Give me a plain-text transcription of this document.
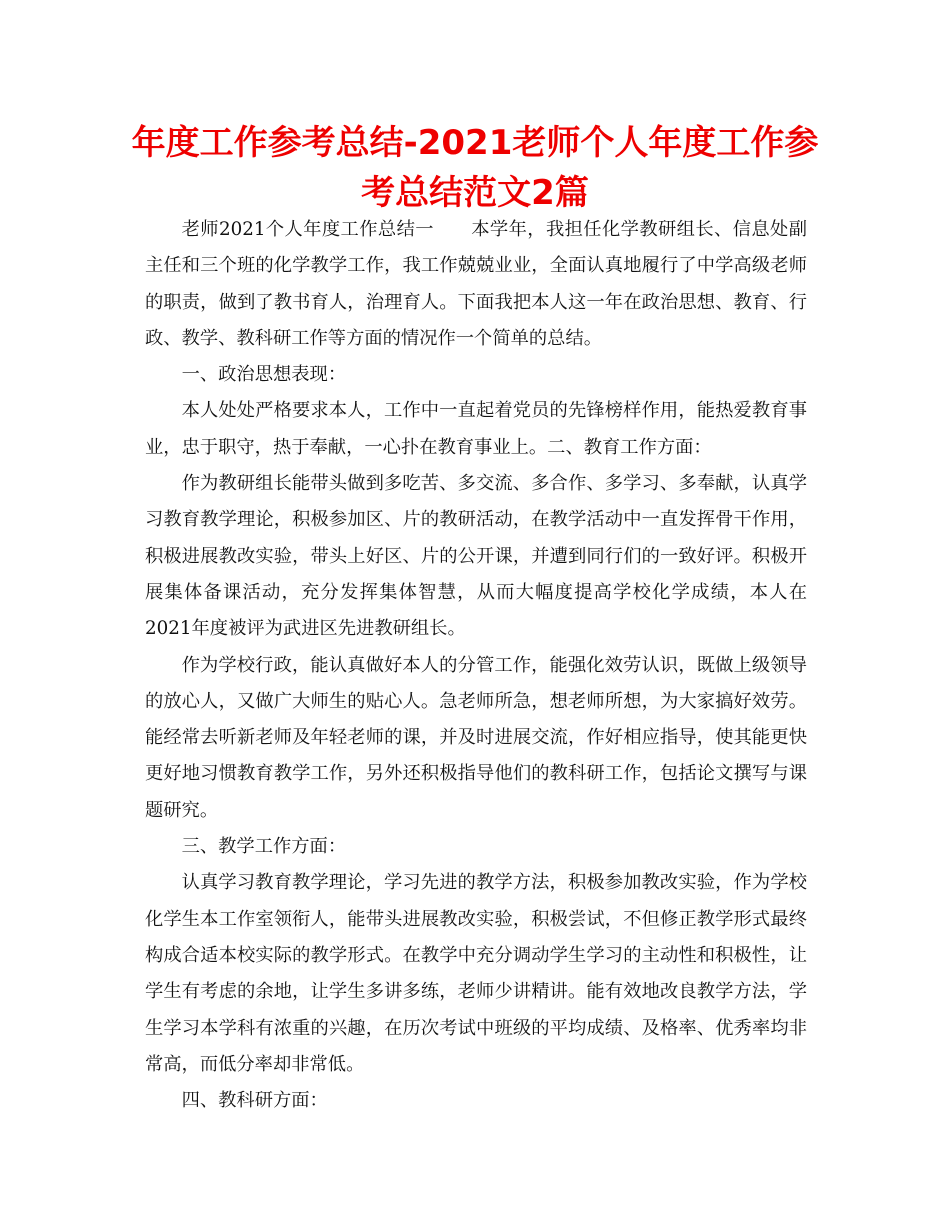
年度工作参考总结-2021老师个人年度工作参考总结范文2篇

老师2021个人年度工作总结一　　本学年，我担任化学教研组长、信息处副主任和三个班的化学教学工作，我工作兢兢业业，全面认真地履行了中学高级老师的职责，做到了教书育人，治理育人。下面我把本人这一年在政治思想、教育、行政、教学、教科研工作等方面的情况作一个简单的总结。

一、政治思想表现：

本人处处严格要求本人，工作中一直起着党员的先锋榜样作用，能热爱教育事业，忠于职守，热于奉献，一心扑在教育事业上。二、教育工作方面：

作为教研组长能带头做到多吃苦、多交流、多合作、多学习、多奉献，认真学习教育教学理论，积极参加区、片的教研活动，在教学活动中一直发挥骨干作用，积极进展教改实验，带头上好区、片的公开课，并遭到同行们的一致好评。积极开展集体备课活动，充分发挥集体智慧，从而大幅度提高学校化学成绩，本人在2021年度被评为武进区先进教研组长。

作为学校行政，能认真做好本人的分管工作，能强化效劳认识，既做上级领导的放心人，又做广大师生的贴心人。急老师所急，想老师所想，为大家搞好效劳。能经常去听新老师及年轻老师的课，并及时进展交流，作好相应指导，使其能更快更好地习惯教育教学工作，另外还积极指导他们的教科研工作，包括论文撰写与课题研究。

三、教学工作方面：

认真学习教育教学理论，学习先进的教学方法，积极参加教改实验，作为学校化学生本工作室领衔人，能带头进展教改实验，积极尝试，不但修正教学形式最终构成合适本校实际的教学形式。在教学中充分调动学生学习的主动性和积极性，让学生有考虑的余地，让学生多讲多练，老师少讲精讲。能有效地改良教学方法，学生学习本学科有浓重的兴趣，在历次考试中班级的平均成绩、及格率、优秀率均非常高，而低分率却非常低。

四、教科研方面：
